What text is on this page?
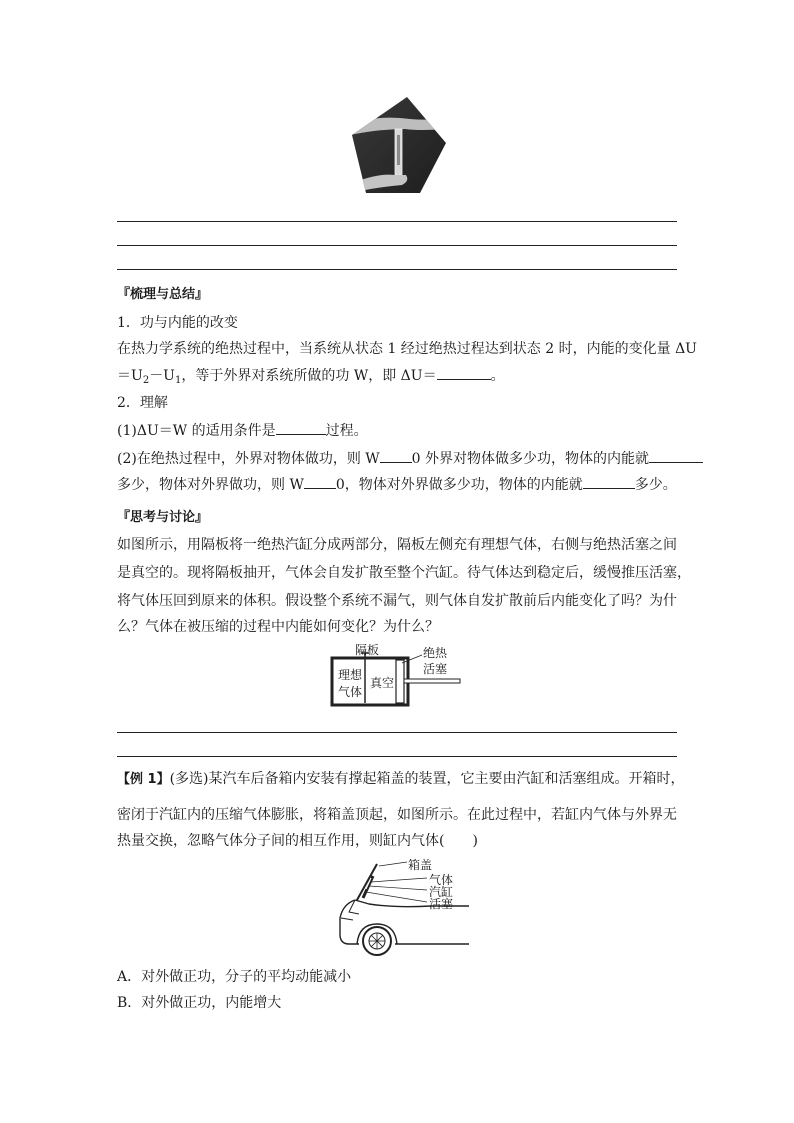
『梳理与总结』
1．功与内能的改变
在热力学系统的绝热过程中，当系统从状态 1 经过绝热过程达到状态 2 时，内能的变化量 ΔU
$=U_2-U_1$，等于外界对系统所做的功 W，即 ΔU＝	。
2．理解
(1)ΔU＝W 的适用条件是	过程。
(2)在绝热过程中，外界对物体做功，则 W 0 外界对物体做多少功，物体的内能就
多少，物体对外界做功，则 W 0，物体对外界做多少功，物体的内能就	多少。
『思考与讨论』
如图所示，用隔板将一绝热汽缸分成两部分，隔板左侧充有理想气体，右侧与绝热活塞之间
是真空的。现将隔板抽开，气体会自发扩散至整个汽缸。待气体达到稳定后，缓慢推压活塞，
将气体压回到原来的体积。假设整个系统不漏气，则气体自发扩散前后内能变化了吗？为什
么？气体在被压缩的过程中内能如何变化？为什么？
隔板	绝热
活塞
理想
气体
真空
【例 1】(多选)某汽车后备箱内安装有撑起箱盖的装置，它主要由汽缸和活塞组成。开箱时，
密闭于汽缸内的压缩气体膨胀，将箱盖顶起，如图所示。在此过程中，若缸内气体与外界无
热量交换，忽略气体分子间的相互作用，则缸内气体(　　)
箱盖
气体
汽缸
活塞
A．对外做正功，分子的平均动能减小
B．对外做正功，内能增大
